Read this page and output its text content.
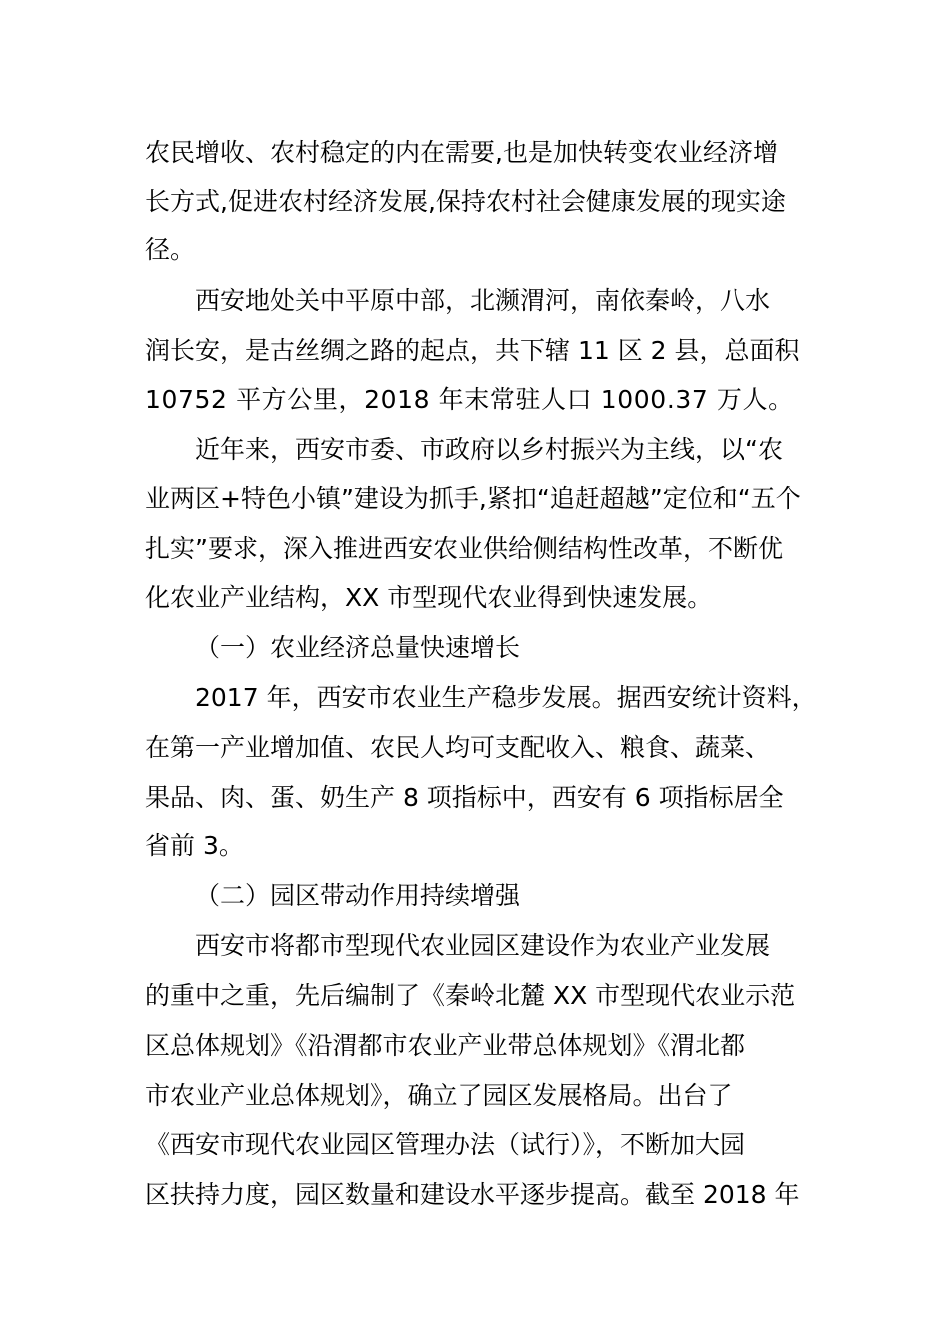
农民增收、农村稳定的内在需要,也是加快转变农业经济增
长方式,促进农村经济发展,保持农村社会健康发展的现实途
径。
西安地处关中平原中部，北濒渭河，南依秦岭，八水
润长安，是古丝绸之路的起点，共下辖 11 区 2 县，总面积
10752 平方公里，2018 年末常驻人口 1000.37 万人。
近年来，西安市委、市政府以乡村振兴为主线，以“农
业两区+特色小镇”建设为抓手,紧扣“追赶超越”定位和“五个
扎实”要求，深入推进西安农业供给侧结构性改革，不断优
化农业产业结构，XX 市型现代农业得到快速发展。
（一）农业经济总量快速增长
2017 年，西安市农业生产稳步发展。据西安统计资料，
在第一产业增加值、农民人均可支配收入、粮食、蔬菜、
果品、肉、蛋、奶生产 8 项指标中，西安有 6 项指标居全
省前 3。
（二）园区带动作用持续增强
西安市将都市型现代农业园区建设作为农业产业发展
的重中之重，先后编制了《秦岭北麓 XX 市型现代农业示范
区总体规划》《沿渭都市农业产业带总体规划》《渭北都
市农业产业总体规划》，确立了园区发展格局。出台了
《西安市现代农业园区管理办法（试行）》，不断加大园
区扶持力度，园区数量和建设水平逐步提高。截至 2018 年
